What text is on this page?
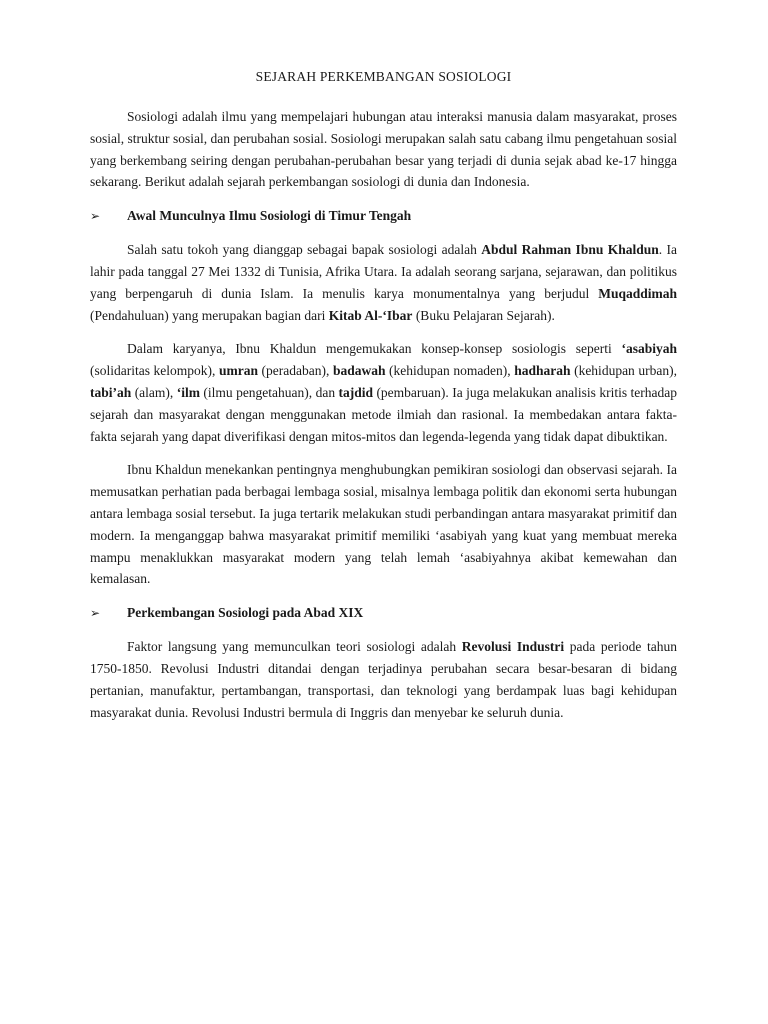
SEJARAH PERKEMBANGAN SOSIOLOGI

Sosiologi adalah ilmu yang mempelajari hubungan atau interaksi manusia dalam masyarakat, proses sosial, struktur sosial, dan perubahan sosial. Sosiologi merupakan salah satu cabang ilmu pengetahuan sosial yang berkembang seiring dengan perubahan-perubahan besar yang terjadi di dunia sejak abad ke-17 hingga sekarang. Berikut adalah sejarah perkembangan sosiologi di dunia dan Indonesia.

➢ Awal Munculnya Ilmu Sosiologi di Timur Tengah

Salah satu tokoh yang dianggap sebagai bapak sosiologi adalah Abdul Rahman Ibnu Khaldun. Ia lahir pada tanggal 27 Mei 1332 di Tunisia, Afrika Utara. Ia adalah seorang sarjana, sejarawan, dan politikus yang berpengaruh di dunia Islam. Ia menulis karya monumentalnya yang berjudul Muqaddimah (Pendahuluan) yang merupakan bagian dari Kitab Al-‘Ibar (Buku Pelajaran Sejarah).

Dalam karyanya, Ibnu Khaldun mengemukakan konsep-konsep sosiologis seperti ‘asabiyah (solidaritas kelompok), umran (peradaban), badawah (kehidupan nomaden), hadharah (kehidupan urban), tabi’ah (alam), ‘ilm (ilmu pengetahuan), dan tajdid (pembaruan). Ia juga melakukan analisis kritis terhadap sejarah dan masyarakat dengan menggunakan metode ilmiah dan rasional. Ia membedakan antara fakta-fakta sejarah yang dapat diverifikasi dengan mitos-mitos dan legenda-legenda yang tidak dapat dibuktikan.

Ibnu Khaldun menekankan pentingnya menghubungkan pemikiran sosiologi dan observasi sejarah. Ia memusatkan perhatian pada berbagai lembaga sosial, misalnya lembaga politik dan ekonomi serta hubungan antara lembaga sosial tersebut. Ia juga tertarik melakukan studi perbandingan antara masyarakat primitif dan modern. Ia menganggap bahwa masyarakat primitif memiliki ‘asabiyah yang kuat yang membuat mereka mampu menaklukkan masyarakat modern yang telah lemah ‘asabiyahnya akibat kemewahan dan kemalasan.

➢ Perkembangan Sosiologi pada Abad XIX

Faktor langsung yang memunculkan teori sosiologi adalah Revolusi Industri pada periode tahun 1750-1850. Revolusi Industri ditandai dengan terjadinya perubahan secara besar-besaran di bidang pertanian, manufaktur, pertambangan, transportasi, dan teknologi yang berdampak luas bagi kehidupan masyarakat dunia. Revolusi Industri bermula di Inggris dan menyebar ke seluruh dunia.
